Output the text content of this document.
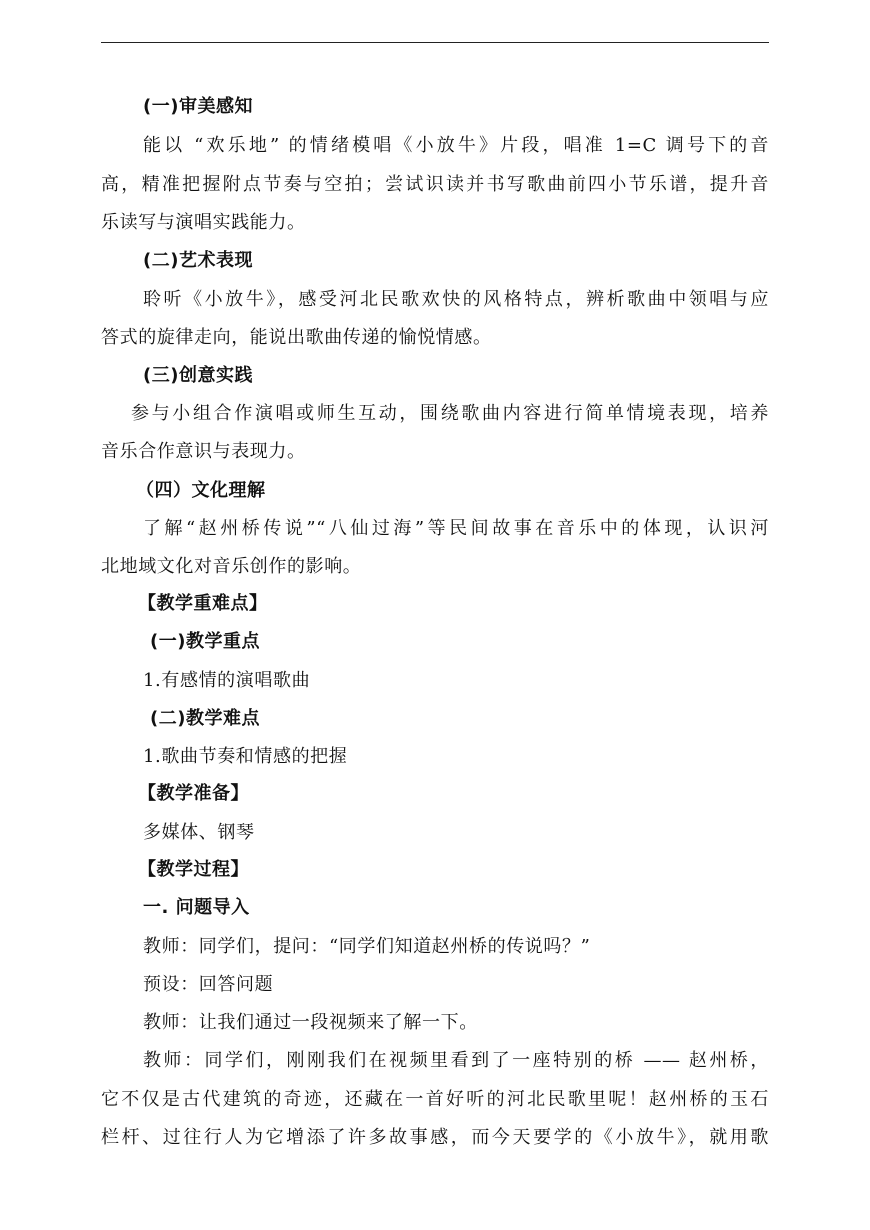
(一)审美感知
能以 “欢乐地” 的情绪模唱《小放牛》片段，唱准 1=C 调号下的音
高，精准把握附点节奏与空拍；尝试识读并书写歌曲前四小节乐谱，提升音
乐读写与演唱实践能力。
(二)艺术表现
聆听《小放牛》，感受河北民歌欢快的风格特点，辨析歌曲中领唱与应
答式的旋律走向，能说出歌曲传递的愉悦情感。
(三)创意实践
参与小组合作演唱或师生互动，围绕歌曲内容进行简单情境表现，培养
音乐合作意识与表现力。
（四）文化理解
了解“赵州桥传说”“八仙过海”等民间故事在音乐中的体现，认识河
北地域文化对音乐创作的影响。
【教学重难点】
(一)教学重点
1.有感情的演唱歌曲
(二)教学难点
1.歌曲节奏和情感的把握
【教学准备】
多媒体、钢琴
【教学过程】
一. 问题导入
教师：同学们，提问：“同学们知道赵州桥的传说吗？”
预设：回答问题
教师：让我们通过一段视频来了解一下。
教师：同学们，刚刚我们在视频里看到了一座特别的桥 —— 赵州桥，
它不仅是古代建筑的奇迹，还藏在一首好听的河北民歌里呢！赵州桥的玉石
栏杆、过往行人为它增添了许多故事感，而今天要学的《小放牛》，就用歌
